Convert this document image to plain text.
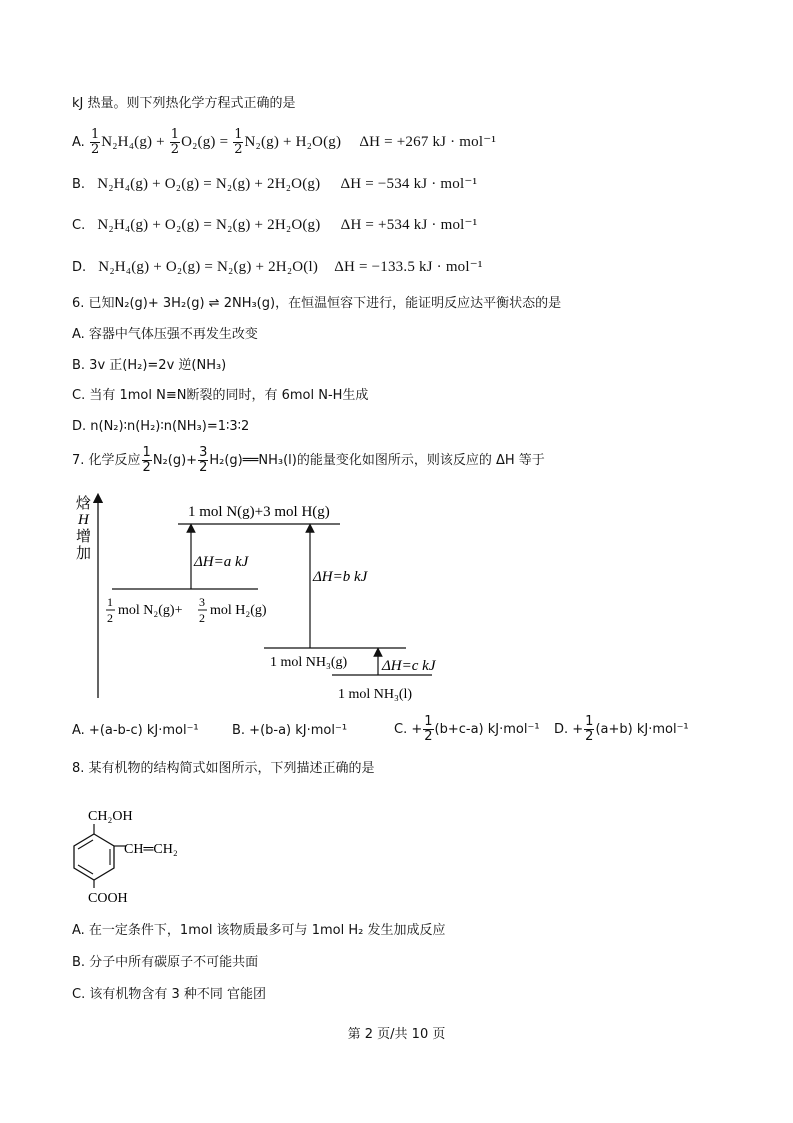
kJ 热量。则下列热化学方程式正确的是
A. $\frac{1}{2} N_2H_4(g) + \frac{1}{2} O_2(g) = \frac{1}{2} N_2(g) + H_2O(g) \Delta H = +267$ kJ · mol⁻¹
B. N₂H₄(g) + O₂(g) = N₂(g) + 2H₂O(g) ΔH = −534 kJ · mol⁻¹
C. N₂H₄(g) + O₂(g) = N₂(g) + 2H₂O(g) ΔH = +534 kJ · mol⁻¹
D. N₂H₄(g) + O₂(g) = N₂(g) + 2H₂O(l) ΔH = −133.5 kJ · mol⁻¹
6. 已知N₂(g)+ 3H₂(g) ⇌ 2NH₃(g)，在恒温恒容下进行，能证明反应达平衡状态的是
A. 容器中气体压强不再发生改变
B. 3v 正(H₂)=2v 逆(NH₃)
C. 当有 1mol N≡N断裂的同时，有 6mol N-H生成
D. n(N₂)∶n(H₂)∶n(NH₃)=1∶3∶2
7. 化学反应 $\frac{1}{2} N_2(g)+ \frac{3}{2}$ H₂(g)══NH₃(l)的能量变化如图所示，则该反应的 ΔH 等于
焓
H
增
加
1 mol N(g)+3 mol H(g)
ΔH=a kJ
1
2 mol N₂(g)+
3
2 mol H₂(g)
ΔH=b kJ
1 mol NH₃(g) ΔH=c kJ
1 mol NH₃(l)
A. +(a-b-c) kJ·mol⁻¹	B. +(b-a) kJ·mol⁻¹	C. + $\frac{1}{2} (b+c-a)$ kJ·mol⁻¹ D. + $\frac{1}{2} (a+b)$ kJ·mol⁻¹
8. 某有机物的结构简式如图所示，下列描述正确的是
CH₂OH
CH═CH₂
COOH
A. 在一定条件下，1mol 该物质最多可与 1mol H₂ 发生加成反应
B. 分子中所有碳原子不可能共面
C. 该有机物含有 3 种不同 官能团
第 2 页/共 10 页
